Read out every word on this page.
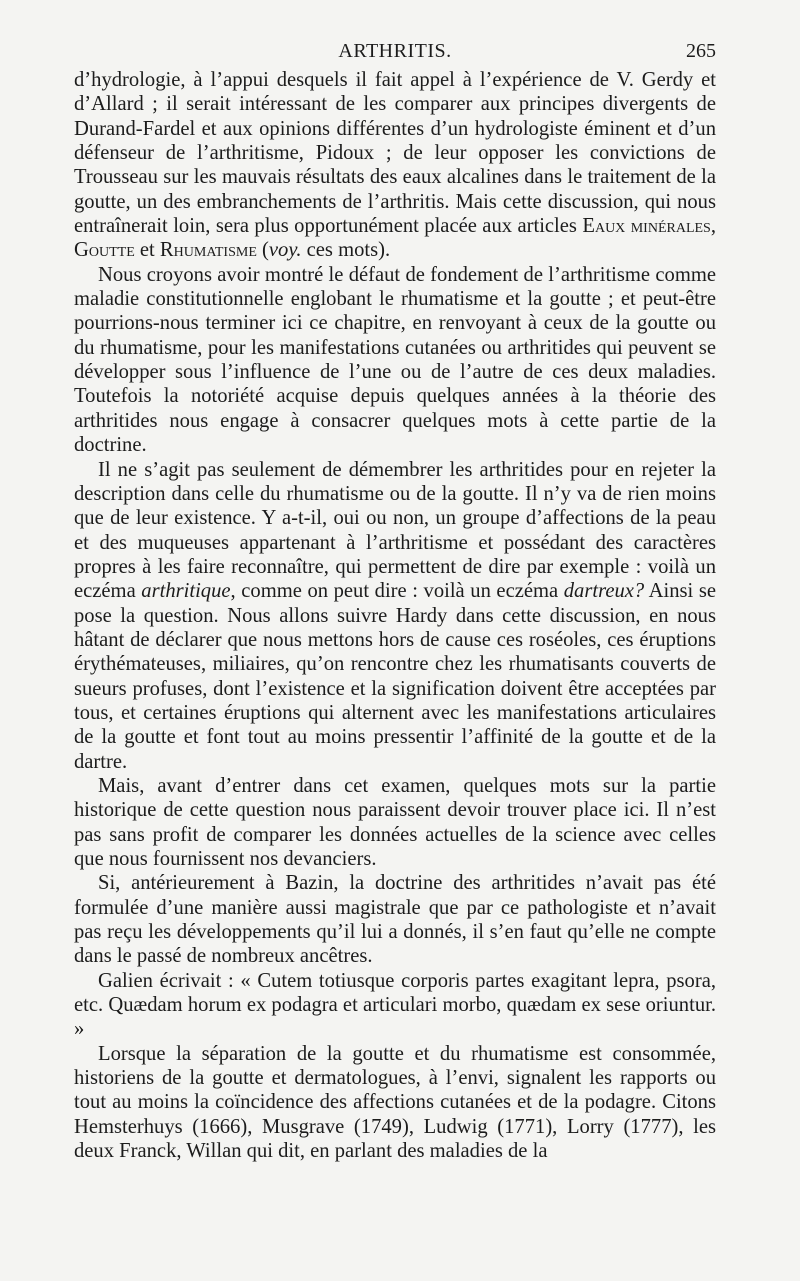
ARTHRITIS.	265

d’hydrologie, à l’appui desquels il fait appel à l’expérience de V. Gerdy et d’Allard ; il serait intéressant de les comparer aux principes divergents de Durand-Fardel et aux opinions différentes d’un hydrologiste éminent et d’un défenseur de l’arthritisme, Pidoux ; de leur opposer les convictions de Trousseau sur les mauvais résultats des eaux alcalines dans le traitement de la goutte, un des embranchements de l’arthritis. Mais cette discussion, qui nous entraînerait loin, sera plus opportunément placée aux articles Eaux minérales, Goutte et Rhumatisme (voy. ces mots).

Nous croyons avoir montré le défaut de fondement de l’arthritisme comme maladie constitutionnelle englobant le rhumatisme et la goutte ; et peut-être pourrions-nous terminer ici ce chapitre, en renvoyant à ceux de la goutte ou du rhumatisme, pour les manifestations cutanées ou arthritides qui peuvent se développer sous l’influence de l’une ou de l’autre de ces deux maladies. Toutefois la notoriété acquise depuis quelques années à la théorie des arthritides nous engage à consacrer quelques mots à cette partie de la doctrine.

Il ne s’agit pas seulement de démembrer les arthritides pour en rejeter la description dans celle du rhumatisme ou de la goutte. Il n’y va de rien moins que de leur existence. Y a-t-il, oui ou non, un groupe d’affections de la peau et des muqueuses appartenant à l’arthritisme et possédant des caractères propres à les faire reconnaître, qui permettent de dire par exemple : voilà un eczéma arthritique, comme on peut dire : voilà un eczéma dartreux? Ainsi se pose la question. Nous allons suivre Hardy dans cette discussion, en nous hâtant de déclarer que nous mettons hors de cause ces roséoles, ces éruptions érythémateuses, miliaires, qu’on rencontre chez les rhumatisants couverts de sueurs profuses, dont l’existence et la signification doivent être acceptées par tous, et certaines éruptions qui alternent avec les manifestations articulaires de la goutte et font tout au moins pressentir l’affinité de la goutte et de la dartre.

Mais, avant d’entrer dans cet examen, quelques mots sur la partie historique de cette question nous paraissent devoir trouver place ici. Il n’est pas sans profit de comparer les données actuelles de la science avec celles que nous fournissent nos devanciers.

Si, antérieurement à Bazin, la doctrine des arthritides n’avait pas été formulée d’une manière aussi magistrale que par ce pathologiste et n’avait pas reçu les développements qu’il lui a donnés, il s’en faut qu’elle ne compte dans le passé de nombreux ancêtres.

Galien écrivait : « Cutem totiusque corporis partes exagitant lepra, psora, etc. Quædam horum ex podagra et articulari morbo, quædam ex sese oriuntur. »

Lorsque la séparation de la goutte et du rhumatisme est consommée, historiens de la goutte et dermatologues, à l’envi, signalent les rapports ou tout au moins la coïncidence des affections cutanées et de la podagre. Citons Hemsterhuys (1666), Musgrave (1749), Ludwig (1771), Lorry (1777), les deux Franck, Willan qui dit, en parlant des maladies de la
